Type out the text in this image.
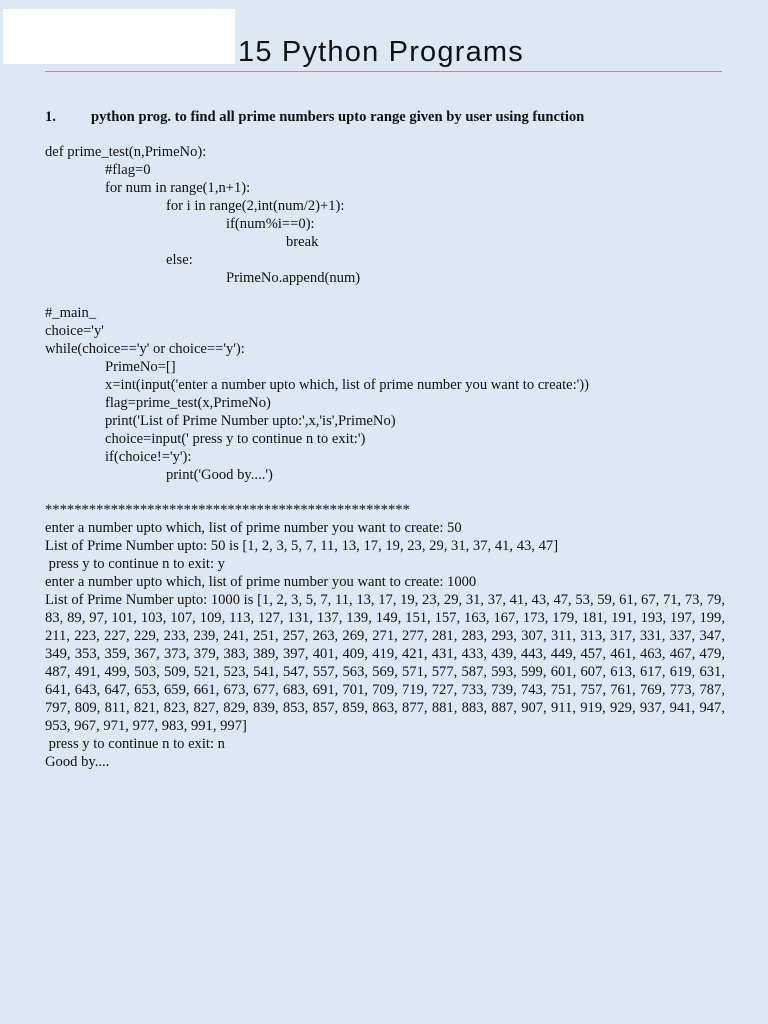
15 Python Programs
1. python prog. to find all prime numbers upto range given by user using function
def prime_test(n,PrimeNo):
#flag=0
for num in range(1,n+1):
for i in range(2,int(num/2)+1):
if(num%i==0):
break
else:
PrimeNo.append(num)
#_main_
choice='y'
while(choice=='y' or choice=='y'):
PrimeNo=[]
x=int(input('enter a number upto which, list of prime number you want to create:'))
flag=prime_test(x,PrimeNo)
print('List of Prime Number upto:',x,'is',PrimeNo)
choice=input(' press y to continue n to exit:')
if(choice!='y'):
print('Good by....')
**************************************************
enter a number upto which, list of prime number you want to create: 50
List of Prime Number upto: 50 is [1, 2, 3, 5, 7, 11, 13, 17, 19, 23, 29, 31, 37, 41, 43, 47]
press y to continue n to exit: y
enter a number upto which, list of prime number you want to create: 1000
List of Prime Number upto: 1000 is [1, 2, 3, 5, 7, 11, 13, 17, 19, 23, 29, 31, 37, 41, 43, 47, 53, 59, 61, 67, 71, 73, 79, 83, 89, 97, 101, 103, 107, 109, 113, 127, 131, 137, 139, 149, 151, 157, 163, 167, 173, 179, 181, 191, 193, 197, 199, 211, 223, 227, 229, 233, 239, 241, 251, 257, 263, 269, 271, 277, 281, 283, 293, 307, 311, 313, 317, 331, 337, 347, 349, 353, 359, 367, 373, 379, 383, 389, 397, 401, 409, 419, 421, 431, 433, 439, 443, 449, 457, 461, 463, 467, 479, 487, 491, 499, 503, 509, 521, 523, 541, 547, 557, 563, 569, 571, 577, 587, 593, 599, 601, 607, 613, 617, 619, 631, 641, 643, 647, 653, 659, 661, 673, 677, 683, 691, 701, 709, 719, 727, 733, 739, 743, 751, 757, 761, 769, 773, 787, 797, 809, 811, 821, 823, 827, 829, 839, 853, 857, 859, 863, 877, 881, 883, 887, 907, 911, 919, 929, 937, 941, 947, 953, 967, 971, 977, 983, 991, 997]
press y to continue n to exit: n
Good by....
